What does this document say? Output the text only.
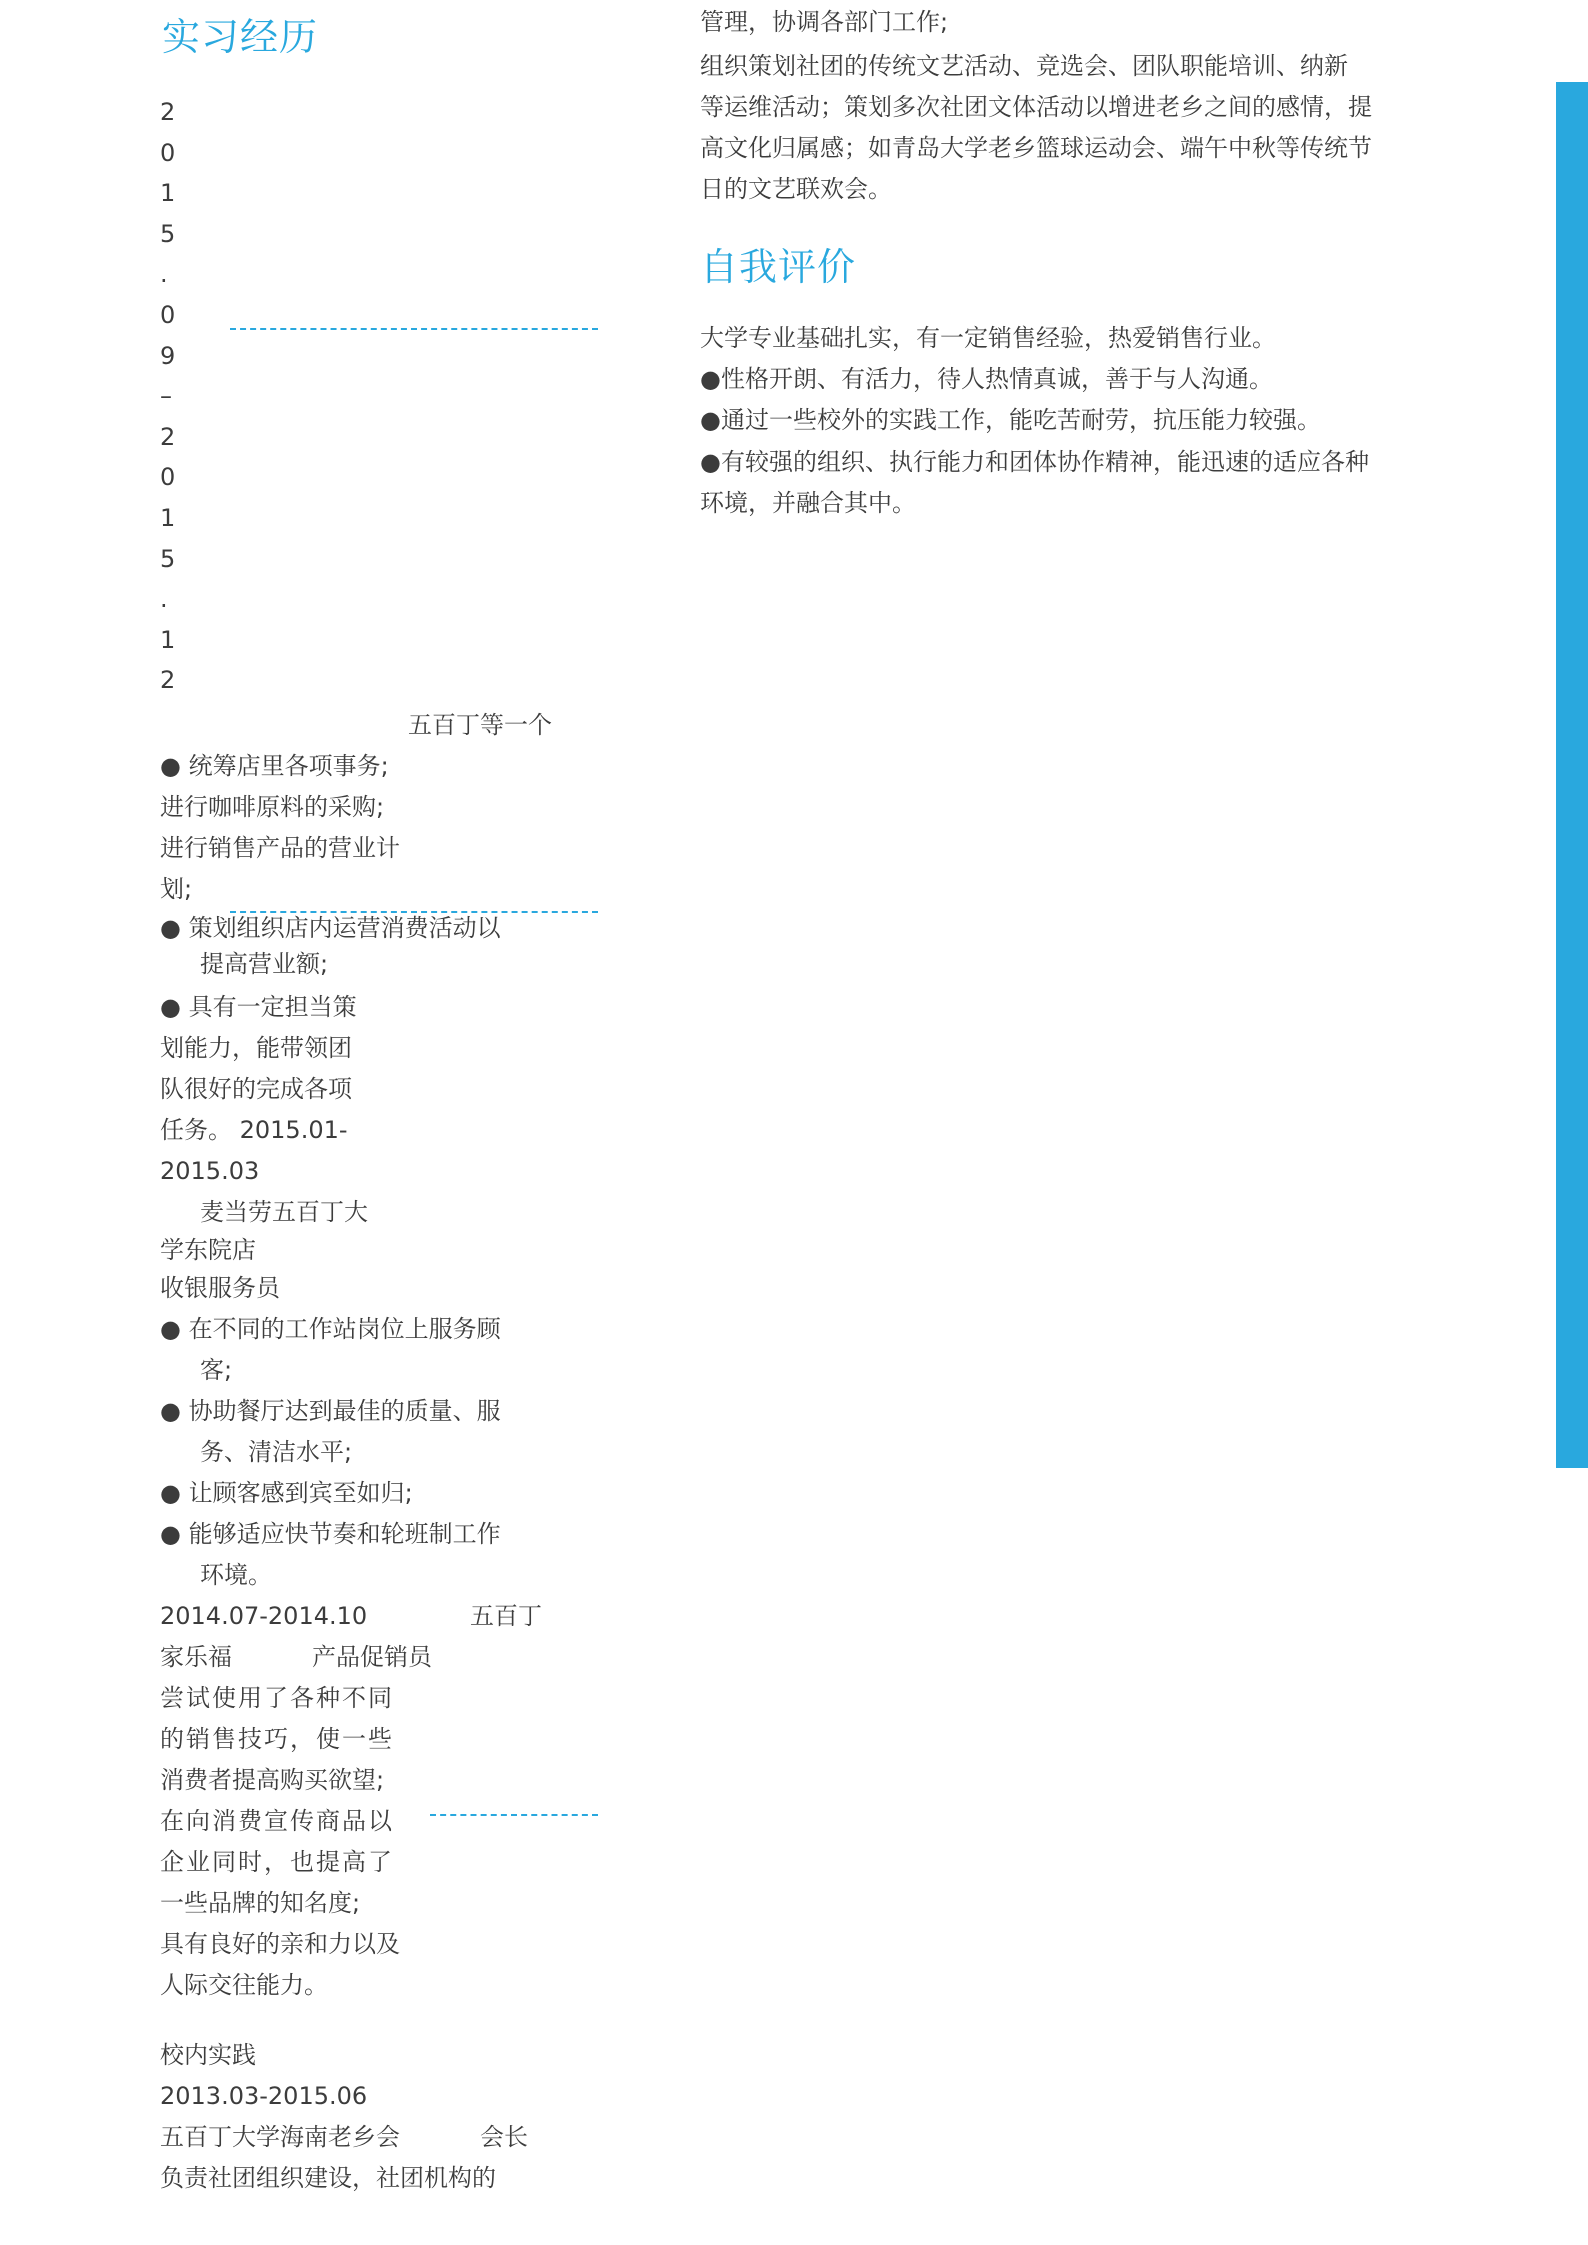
实习经历
2
0
1
5
.
0
9
–
2
0
1
5
.
1
2
五百丁等一个
● 统筹店里各项事务;
进行咖啡原料的采购;
进行销售产品的营业计
划;
● 策划组织店内运营消费活动以
提高营业额;
● 具有一定担当策
划能力，能带领团
队很好的完成各项
任务。 2015.01-
2015.03
麦当劳五百丁大
学东院店
收银服务员
● 在不同的工作站岗位上服务顾
客;
● 协助餐厅达到最佳的质量、服
务、清洁水平;
● 让顾客感到宾至如归;
● 能够适应快节奏和轮班制工作
环境。
2014.07-2014.10	五百丁
家乐福	产品促销员
尝试使用了各种不同
的销售技巧，使一些
消费者提高购买欲望;
在向消费宣传商品以
企业同时，也提高了
一些品牌的知名度;
具有良好的亲和力以及
人际交往能力。
校内实践
2013.03-2015.06
五百丁大学海南老乡会	会长
负责社团组织建设，社团机构的
管理，协调各部门工作;
组织策划社团的传统文艺活动、竞选会、团队职能培训、纳新
等运维活动；策划多次社团文体活动以增进老乡之间的感情，提
高文化归属感；如青岛大学老乡篮球运动会、端午中秋等传统节
日的文艺联欢会。
自我评价
大学专业基础扎实，有一定销售经验，热爱销售行业。
●性格开朗、有活力，待人热情真诚，善于与人沟通。
●通过一些校外的实践工作，能吃苦耐劳，抗压能力较强。
●有较强的组织、执行能力和团体协作精神，能迅速的适应各种
环境，并融合其中。
